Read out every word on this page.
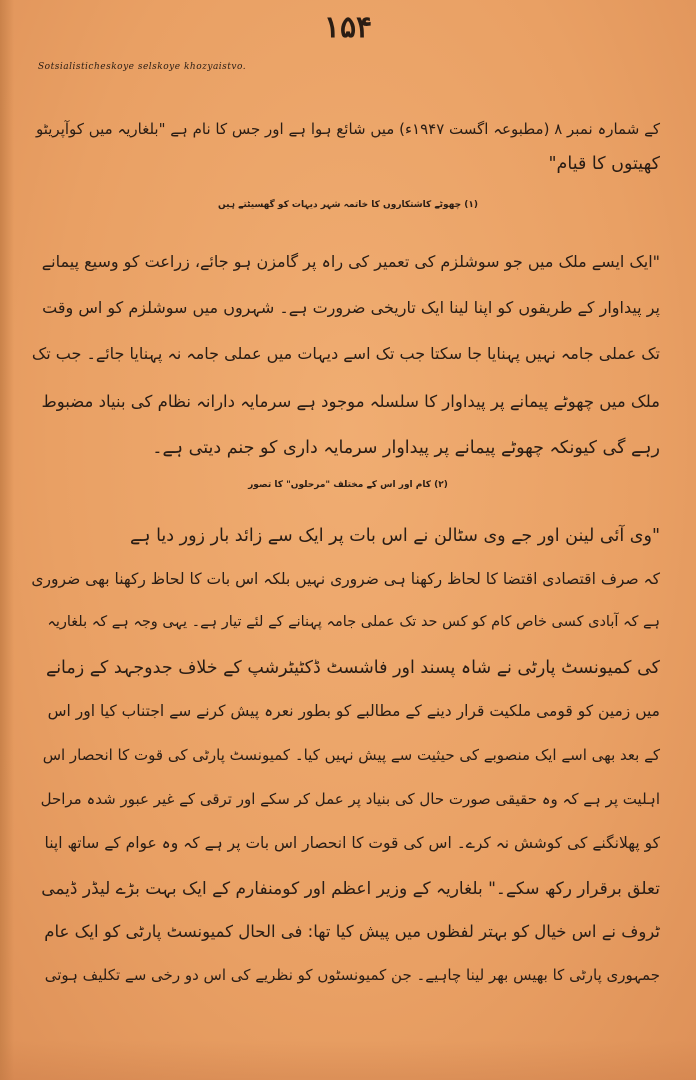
۱۵۴
Sotsialisticheskoye selskoye khozyaistvo.
کے شمارہ نمبر ۸ (مطبوعہ اگست ۱۹۴۷ء) میں شائع ہوا ہے اور جس کا نام ہے "بلغاریہ میں کوآپریٹو
کھیتوں کا قیام"
(۱) چھوٹے کاشتکاروں کا خاتمہ شہر دیہات کو گھسیٹتے ہیں
"ایک ایسے ملک میں جو سوشلزم کی تعمیر کی راہ پر گامزن ہو جائے، زراعت کو وسیع پیمانے
پر پیداوار کے طریقوں کو اپنا لینا ایک تاریخی ضرورت ہے۔ شہروں میں سوشلزم کو اس وقت
تک عملی جامہ نہیں پہنایا جا سکتا جب تک اسے دیہات میں عملی جامہ نہ پہنایا جائے۔ جب تک
ملک میں چھوٹے پیمانے پر پیداوار کا سلسلہ موجود ہے سرمایہ دارانہ نظام کی بنیاد مضبوط
رہے گی کیونکہ چھوٹے پیمانے پر پیداوار سرمایہ داری کو جنم دیتی ہے۔
(۲) کام اور اس کے مختلف "مرحلوں" کا تصور
"وی آئی لینن اور جے وی سٹالن نے اس بات پر ایک سے زائد بار زور دیا ہے
کہ صرف اقتصادی اقتضا کا لحاظ رکھنا ہی ضروری نہیں بلکہ اس بات کا لحاظ رکھنا بھی ضروری
ہے کہ آبادی کسی خاص کام کو کس حد تک عملی جامہ پہنانے کے لئے تیار ہے۔ یہی وجہ ہے کہ بلغاریہ
کی کمیونسٹ پارٹی نے شاہ پسند اور فاشسٹ ڈکٹیٹرشپ کے خلاف جدوجہد کے زمانے
میں زمین کو قومی ملکیت قرار دینے کے مطالبے کو بطور نعرہ پیش کرنے سے اجتناب کیا اور اس
کے بعد بھی اسے ایک منصوبے کی حیثیت سے پیش نہیں کیا۔ کمیونسٹ پارٹی کی قوت کا انحصار اس
اہلیت پر ہے کہ وہ حقیقی صورت حال کی بنیاد پر عمل کر سکے اور ترقی کے غیر عبور شدہ مراحل
کو پھلانگنے کی کوشش نہ کرے۔ اس کی قوت کا انحصار اس بات پر ہے کہ وہ عوام کے ساتھ اپنا
تعلق برقرار رکھ سکے۔" بلغاریہ کے وزیر اعظم اور کومنفارم کے ایک بہت بڑے لیڈر ڈیمی
ٹروف نے اس خیال کو بہتر لفظوں میں پیش کیا تھا: فی الحال کمیونسٹ پارٹی کو ایک عام
جمہوری پارٹی کا بھیس بھر لینا چاہیے۔ جن کمیونسٹوں کو نظریے کی اس دو رخی سے تکلیف ہوتی
